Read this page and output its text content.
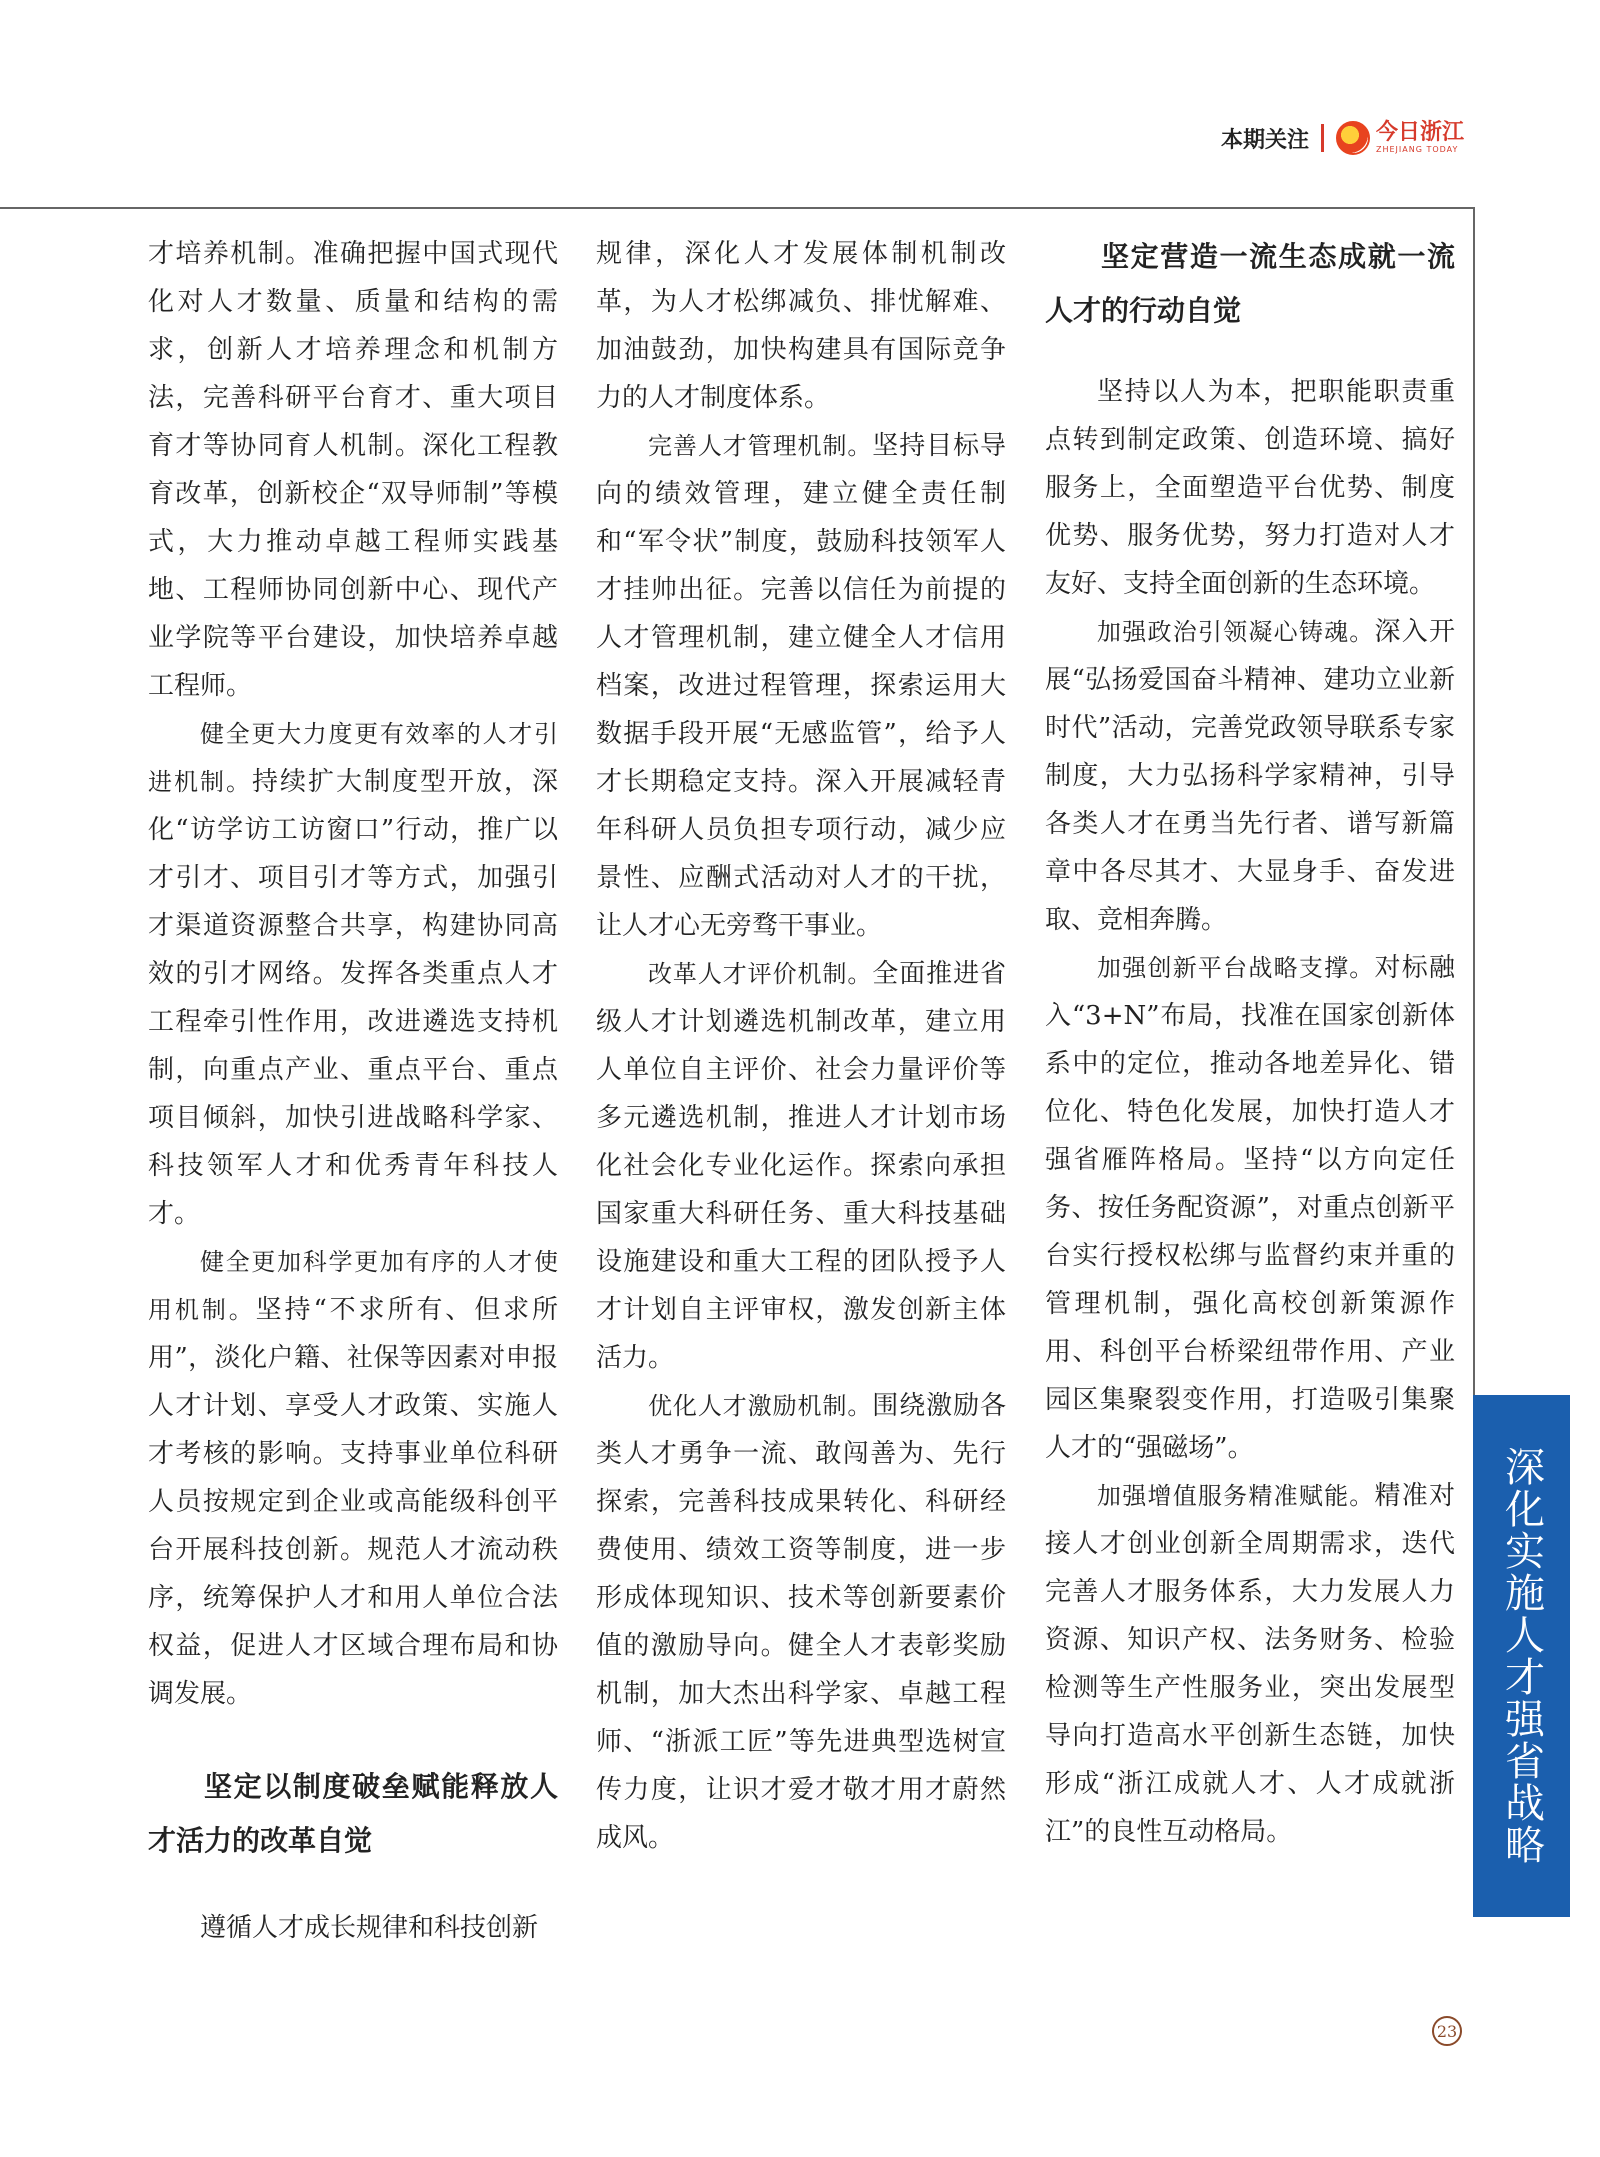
本期关注	今日浙江
ZHEJIANG TODAY

才培养机制。准确把握中国式现代化对人才数量、质量和结构的需求，创新人才培养理念和机制方法，完善科研平台育才、重大项目育才等协同育人机制。深化工程教育改革，创新校企“双导师制”等模式，大力推动卓越工程师实践基地、工程师协同创新中心、现代产业学院等平台建设，加快培养卓越工程师。

健全更大力度更有效率的人才引进机制。持续扩大制度型开放，深化“访学访工访窗口”行动，推广以才引才、项目引才等方式，加强引才渠道资源整合共享，构建协同高效的引才网络。发挥各类重点人才工程牵引性作用，改进遴选支持机制，向重点产业、重点平台、重点项目倾斜，加快引进战略科学家、科技领军人才和优秀青年科技人才。

健全更加科学更加有序的人才使用机制。坚持“不求所有、但求所用”，淡化户籍、社保等因素对申报人才计划、享受人才政策、实施人才考核的影响。支持事业单位科研人员按规定到企业或高能级科创平台开展科技创新。规范人才流动秩序，统筹保护人才和用人单位合法权益，促进人才区域合理布局和协调发展。

坚定以制度破垒赋能释放人才活力的改革自觉

遵循人才成长规律和科技创新

规律，深化人才发展体制机制改革，为人才松绑减负、排忧解难、加油鼓劲，加快构建具有国际竞争力的人才制度体系。

完善人才管理机制。坚持目标导向的绩效管理，建立健全责任制和“军令状”制度，鼓励科技领军人才挂帅出征。完善以信任为前提的人才管理机制，建立健全人才信用档案，改进过程管理，探索运用大数据手段开展“无感监管”，给予人才长期稳定支持。深入开展减轻青年科研人员负担专项行动，减少应景性、应酬式活动对人才的干扰，让人才心无旁骛干事业。

改革人才评价机制。全面推进省级人才计划遴选机制改革，建立用人单位自主评价、社会力量评价等多元遴选机制，推进人才计划市场化社会化专业化运作。探索向承担国家重大科研任务、重大科技基础设施建设和重大工程的团队授予人才计划自主评审权，激发创新主体活力。

优化人才激励机制。围绕激励各类人才勇争一流、敢闯善为、先行探索，完善科技成果转化、科研经费使用、绩效工资等制度，进一步形成体现知识、技术等创新要素价值的激励导向。健全人才表彰奖励机制，加大杰出科学家、卓越工程师、“浙派工匠”等先进典型选树宣传力度，让识才爱才敬才用才蔚然成风。

坚定营造一流生态成就一流人才的行动自觉

坚持以人为本，把职能职责重点转到制定政策、创造环境、搞好服务上，全面塑造平台优势、制度优势、服务优势，努力打造对人才友好、支持全面创新的生态环境。

加强政治引领凝心铸魂。深入开展“弘扬爱国奋斗精神、建功立业新时代”活动，完善党政领导联系专家制度，大力弘扬科学家精神，引导各类人才在勇当先行者、谱写新篇章中各尽其才、大显身手、奋发进取、竞相奔腾。

加强创新平台战略支撑。对标融入“3+N”布局，找准在国家创新体系中的定位，推动各地差异化、错位化、特色化发展，加快打造人才强省雁阵格局。坚持“以方向定任务、按任务配资源”，对重点创新平台实行授权松绑与监督约束并重的管理机制，强化高校创新策源作用、科创平台桥梁纽带作用、产业园区集聚裂变作用，打造吸引集聚人才的“强磁场”。

加强增值服务精准赋能。精准对接人才创业创新全周期需求，迭代完善人才服务体系，大力发展人力资源、知识产权、法务财务、检验检测等生产性服务业，突出发展型导向打造高水平创新生态链，加快形成“浙江成就人才、人才成就浙江”的良性互动格局。	深化实施人才强省战略
23
